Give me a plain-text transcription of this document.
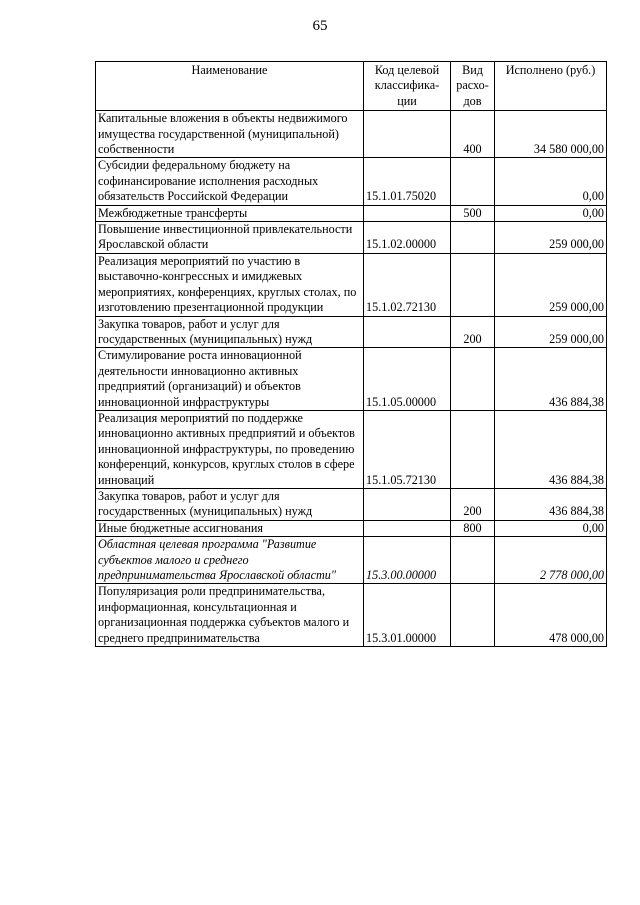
65
Наименование	Код целевой классифика-ции	Вид расхо-дов	Исполнено (руб.)
Капитальные вложения в объекты недвижимого имущества государственной (муниципальной) собственности		400	34 580 000,00
Субсидии федеральному бюджету на софинансирование исполнения расходных обязательств Российской Федерации	15.1.01.75020		0,00
Межбюджетные трансферты		500	0,00
Повышение инвестиционной привлекательности Ярославской области	15.1.02.00000		259 000,00
Реализация мероприятий по участию в выставочно-конгрессных и имиджевых мероприятиях, конференциях, круглых столах, по изготовлению презентационной продукции	15.1.02.72130		259 000,00
Закупка товаров, работ и услуг для государственных (муниципальных) нужд		200	259 000,00
Стимулирование роста инновационной деятельности инновационно активных предприятий (организаций) и объектов инновационной инфраструктуры	15.1.05.00000		436 884,38
Реализация мероприятий по поддержке инновационно активных предприятий и объектов инновационной инфраструктуры, по проведению конференций, конкурсов, круглых столов в сфере инноваций	15.1.05.72130		436 884,38
Закупка товаров, работ и услуг для государственных (муниципальных) нужд		200	436 884,38
Иные бюджетные ассигнования		800	0,00
Областная целевая программа "Развитие субъектов малого и среднего предпринимательства Ярославской области"	15.3.00.00000		2 778 000,00
Популяризация роли предпринимательства, информационная, консультационная и организационная поддержка субъектов малого и среднего предпринимательства	15.3.01.00000		478 000,00
